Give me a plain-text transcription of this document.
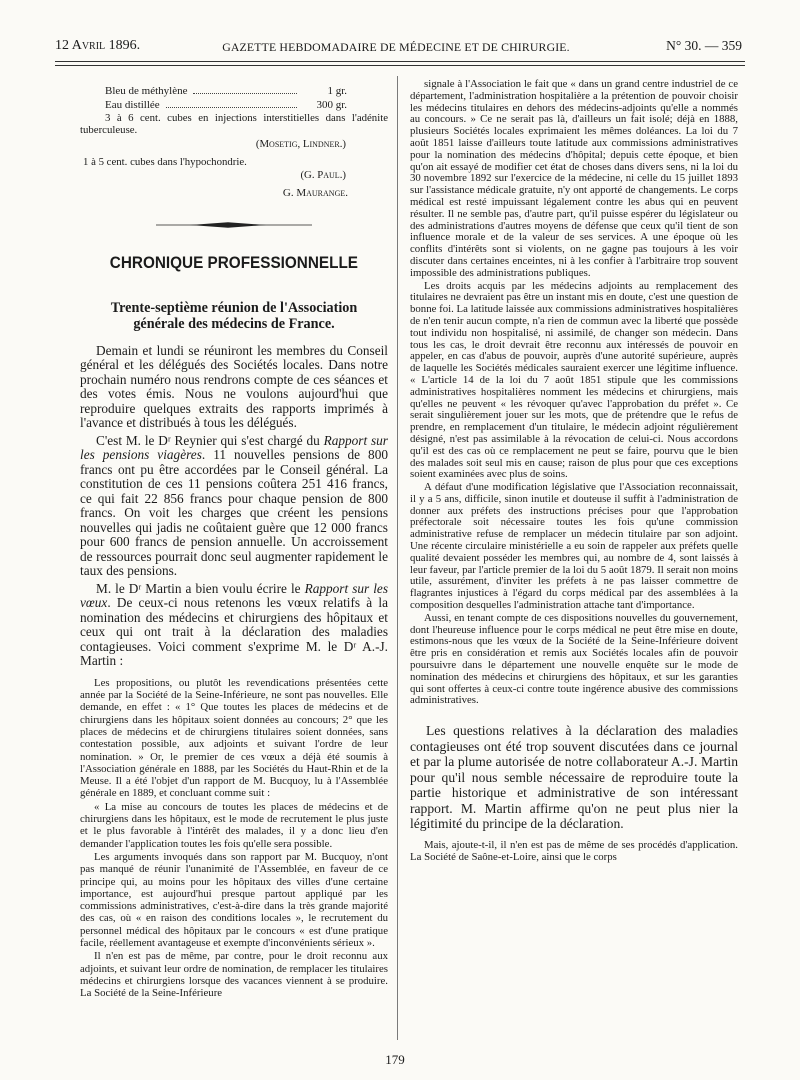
12 Avril 1896.	GAZETTE HEBDOMADAIRE DE MÉDECINE ET DE CHIRURGIE.	N° 30. — 359
Bleu de méthylène	1 gr.
Eau distillée	300 gr.

3 à 6 cent. cubes en injections interstitielles dans l'adénite tuberculeuse.

(Mosetig, Lindner.)

1 à 5 cent. cubes dans l'hypochondrie.

(G. Paul.)

G. Maurange.

CHRONIQUE PROFESSIONNELLE
Trente-septième réunion de l'Association
générale des médecins de France.

Demain et lundi se réuniront les membres du Conseil général et les délégués des Sociétés locales. Dans notre prochain numéro nous rendrons compte de ces séances et des votes émis. Nous ne voulons aujourd'hui que reproduire quelques extraits des rapports imprimés à l'avance et distribués à tous les délégués.

C'est M. le Dʳ Reynier qui s'est chargé du Rapport sur les pensions viagères. 11 nouvelles pensions de 800 francs ont pu être accordées par le Conseil général. La constitution de ces 11 pensions coûtera 251 416 francs, ce qui fait 22 856 francs pour chaque pension de 800 francs. On voit les charges que créent les pensions nouvelles qui jadis ne coûtaient guère que 12 000 francs pour 600 francs de pension annuelle. Un accroissement de ressources pourrait donc seul augmenter rapidement le taux des pensions.

M. le Dʳ Martin a bien voulu écrire le Rapport sur les vœux. De ceux-ci nous retenons les vœux relatifs à la nomination des médecins et chirurgiens des hôpitaux et ceux qui ont trait à la déclaration des maladies contagieuses. Voici comment s'exprime M. le Dʳ A.-J. Martin :

Les propositions, ou plutôt les revendications présentées cette année par la Société de la Seine-Inférieure, ne sont pas nouvelles. Elle demande, en effet : « 1° Que toutes les places de médecins et de chirurgiens dans les hôpitaux soient données au concours; 2° que les places de médecins et de chirurgiens titulaires soient données, sans contestation possible, aux adjoints et suivant l'ordre de leur nomination. » Or, le premier de ces vœux a déjà été soumis à l'Association générale en 1888, par les Sociétés du Haut-Rhin et de la Meuse. Il a été l'objet d'un rapport de M. Bucquoy, lu à l'Assemblée générale en 1889, et concluant comme suit :

« La mise au concours de toutes les places de médecins et de chirurgiens dans les hôpitaux, est le mode de recrutement le plus juste et le plus favorable à l'intérêt des malades, il y a donc lieu d'en demander l'application toutes les fois qu'elle sera possible.

Les arguments invoqués dans son rapport par M. Bucquoy, n'ont pas manqué de réunir l'unanimité de l'Assemblée, en faveur de ce principe qui, au moins pour les hôpitaux des villes d'une certaine importance, est aujourd'hui presque partout appliqué par les commissions administratives, c'est-à-dire dans la très grande majorité des cas, où « en raison des conditions locales », le recrutement du personnel médical des hôpitaux par le concours « est d'une pratique facile, réellement avantageuse et exempte d'inconvénients sérieux ».

Il n'en est pas de même, par contre, pour le droit reconnu aux adjoints, et suivant leur ordre de nomination, de remplacer les titulaires médecins et chirurgiens lorsque des vacances viennent à se produire. La Société de la Seine-Inférieure

signale à l'Association le fait que « dans un grand centre industriel de ce département, l'administration hospitalière a la prétention de pouvoir choisir les médecins titulaires en dehors des médecins-adjoints qu'elle a nommés au concours. » Ce ne serait pas là, d'ailleurs un fait isolé; déjà en 1888, plusieurs Sociétés locales exprimaient les mêmes doléances. La loi du 7 août 1851 laisse d'ailleurs toute latitude aux commissions administratives pour la nomination des médecins d'hôpital; depuis cette époque, et bien qu'on ait essayé de modifier cet état de choses dans divers sens, ni la loi du 30 novembre 1892 sur l'exercice de la médecine, ni celle du 15 juillet 1893 sur l'assistance médicale gratuite, n'y ont apporté de changements. Le corps médical est resté impuissant légalement contre les abus qui en peuvent résulter. Il ne semble pas, d'autre part, qu'il puisse espérer du législateur ou des administrations d'autres moyens de défense que ceux qu'il tient de son influence morale et de la valeur de ses services. A une époque où les conflits d'intérêts sont si violents, on ne gagne pas toujours à les voir discuter dans certaines enceintes, ni à les confier à l'arbitraire trop souvent impossible des administrations publiques.

Les droits acquis par les médecins adjoints au remplacement des titulaires ne devraient pas être un instant mis en doute, c'est une question de bonne foi. La latitude laissée aux commissions administratives hospitalières de n'en tenir aucun compte, n'a rien de commun avec la liberté que possède tout individu non hospitalisé, ni assimilé, de changer son médecin. Dans tous les cas, le droit devrait être reconnu aux intéressés de pouvoir en appeler, en cas d'abus de pouvoir, auprès d'une autorité supérieure, auprès de laquelle les Sociétés médicales sauraient exercer une légitime influence. « L'article 14 de la loi du 7 août 1851 stipule que les commissions administratives hospitalières nomment les médecins et chirurgiens, mais qu'elles ne peuvent « les révoquer qu'avec l'approbation du préfet ». Ce serait singulièrement jouer sur les mots, que de prétendre que le refus de prendre, en remplacement d'un titulaire, le médecin adjoint régulièrement désigné, n'est pas assimilable à la révocation de celui-ci. Nous accordons qu'il est des cas où ce remplacement ne peut se faire, pourvu que le bien des malades soit seul mis en cause; raison de plus pour que ces exceptions soient examinées avec plus de soins.

A défaut d'une modification législative que l'Association reconnaissait, il y a 5 ans, difficile, sinon inutile et douteuse il suffit à l'administration de donner aux préfets des instructions précises pour que l'approbation préfectorale soit nécessaire toutes les fois qu'une commission administrative refuse de remplacer un médecin titulaire par son adjoint. Une récente circulaire ministérielle a eu soin de rappeler aux préfets quelle qualité devaient posséder les membres qui, au nombre de 4, sont laissés à leur faveur, par l'article premier de la loi du 5 août 1879. Il serait non moins utile, assurément, d'inviter les préfets à ne pas laisser commettre de flagrantes injustices à l'égard du corps médical par des assemblées à la composition desquelles l'administration attache tant d'importance.

Aussi, en tenant compte de ces dispositions nouvelles du gouvernement, dont l'heureuse influence pour le corps médical ne peut être mise en doute, estimons-nous que les vœux de la Société de la Seine-Inférieure doivent être pris en considération et remis aux Sociétés locales afin de pouvoir poursuivre dans le département une nouvelle enquête sur le mode de nomination des médecins et chirurgiens des hôpitaux, et sur les garanties qui sont offertes à ceux-ci contre toute ingérence abusive des commissions administratives.

Les questions relatives à la déclaration des maladies contagieuses ont été trop souvent discutées dans ce journal et par la plume autorisée de notre collaborateur A.-J. Martin pour qu'il nous semble nécessaire de reproduire toute la partie historique et administrative de son intéressant rapport. M. Martin affirme qu'on ne peut plus nier la légitimité du principe de la déclaration.

Mais, ajoute-t-il, il n'en est pas de même de ses procédés d'application. La Société de Saône-et-Loire, ainsi que le corps

179
